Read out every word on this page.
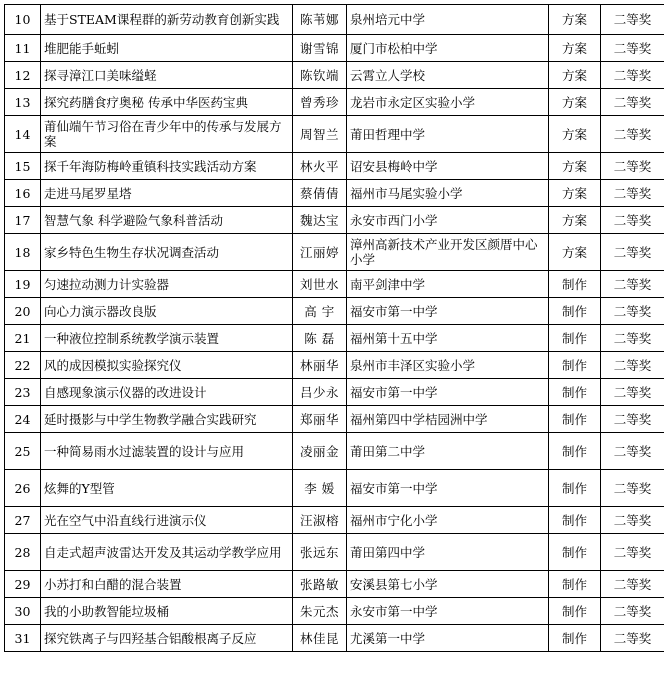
10	基于STEAM课程群的新劳动教育创新实践	陈苇娜	泉州培元中学	方案	二等奖
11	堆肥能手蚯蚓	谢雪锦	厦门市松柏中学	方案	二等奖
12	探寻漳江口美味缢蛏	陈钦端	云霄立人学校	方案	二等奖
13	探究药膳食疗奥秘 传承中华医药宝典	曾秀珍	龙岩市永定区实验小学	方案	二等奖
14	莆仙端午节习俗在青少年中的传承与发展方案	周智兰	莆田哲理中学	方案	二等奖
15	探千年海防梅岭重镇科技实践活动方案	林火平	诏安县梅岭中学	方案	二等奖
16	走进马尾罗星塔	蔡倩倩	福州市马尾实验小学	方案	二等奖
17	智慧气象 科学避险气象科普活动	魏达宝	永安市西门小学	方案	二等奖
18	家乡特色生物生存状况调查活动	江丽婷	漳州高新技术产业开发区颜厝中心小学	方案	二等奖
19	匀速拉动测力计实验器	刘世水	南平剑津中学	制作	二等奖
20	向心力演示器改良版	高 宇	福安市第一中学	制作	二等奖
21	一种液位控制系统教学演示装置	陈 磊	福州第十五中学	制作	二等奖
22	风的成因模拟实验探究仪	林丽华	泉州市丰泽区实验小学	制作	二等奖
23	自感现象演示仪器的改进设计	吕少永	福安市第一中学	制作	二等奖
24	延时摄影与中学生物教学融合实践研究	郑丽华	福州第四中学桔园洲中学	制作	二等奖
25	一种简易雨水过滤装置的设计与应用	凌丽金	莆田第二中学	制作	二等奖
26	炫舞的Y型管	李 媛	福安市第一中学	制作	二等奖
27	光在空气中沿直线行进演示仪	汪淑榕	福州市宁化小学	制作	二等奖
28	自走式超声波雷达开发及其运动学教学应用	张远东	莆田第四中学	制作	二等奖
29	小苏打和白醋的混合装置	张路敏	安溪县第七小学	制作	二等奖
30	我的小助教智能垃圾桶	朱元杰	永安市第一中学	制作	二等奖
31	探究铁离子与四羟基合铝酸根离子反应	林佳昆	尤溪第一中学	制作	二等奖
